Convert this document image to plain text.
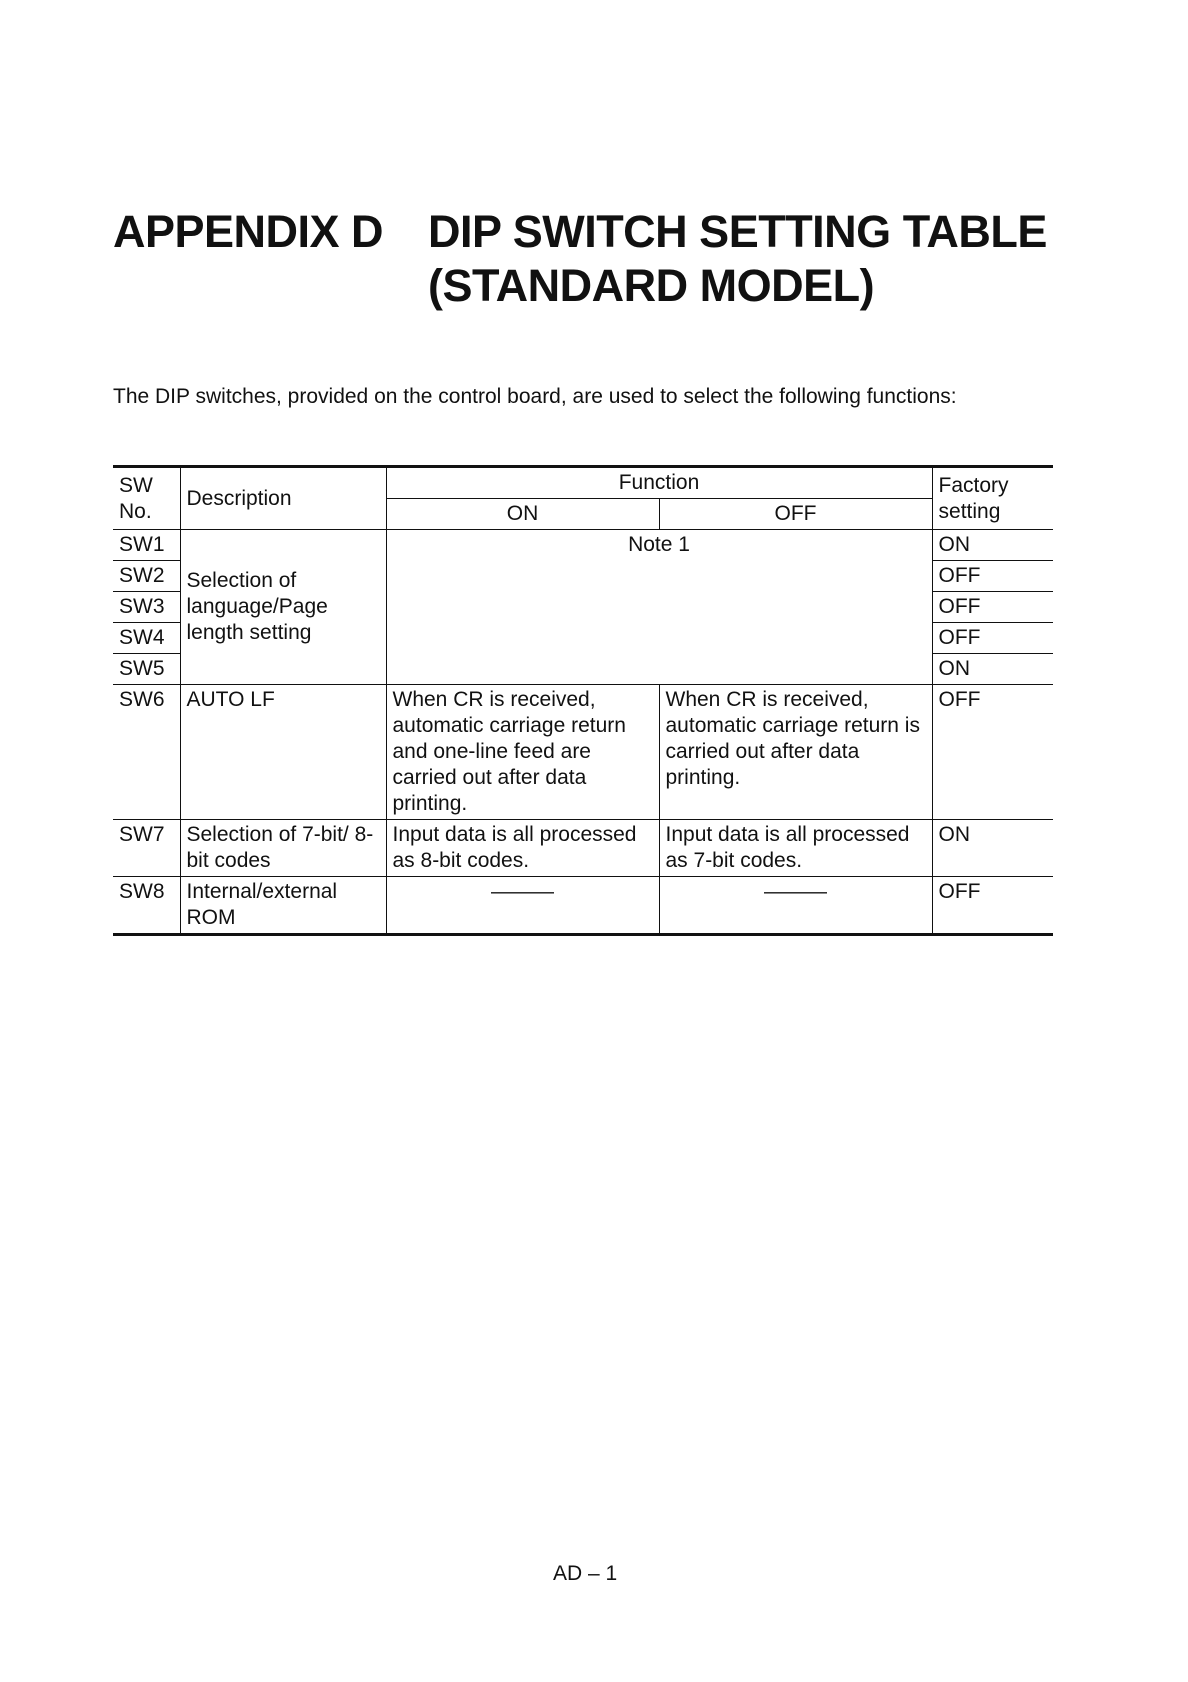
APPENDIX D DIP SWITCH SETTING TABLE
(STANDARD MODEL)
The DIP switches, provided on the control board, are used to select the following functions:
SW No.	Description	Function		Factory setting
		ON	OFF	
SW1	Selection of language/Page length setting	Note 1		ON
SW2				OFF
SW3				OFF
SW4				OFF
SW5				ON
SW6	AUTO LF	When CR is received, automatic carriage return and one-line feed are carried out after data printing.	When CR is received, automatic carriage return is carried out after data printing.	OFF
SW7	Selection of 7-bit/ 8-bit codes	Input data is all processed as 8-bit codes.	Input data is all processed as 7-bit codes.	ON
SW8	Internal/external ROM	———	———	OFF
AD – 1
